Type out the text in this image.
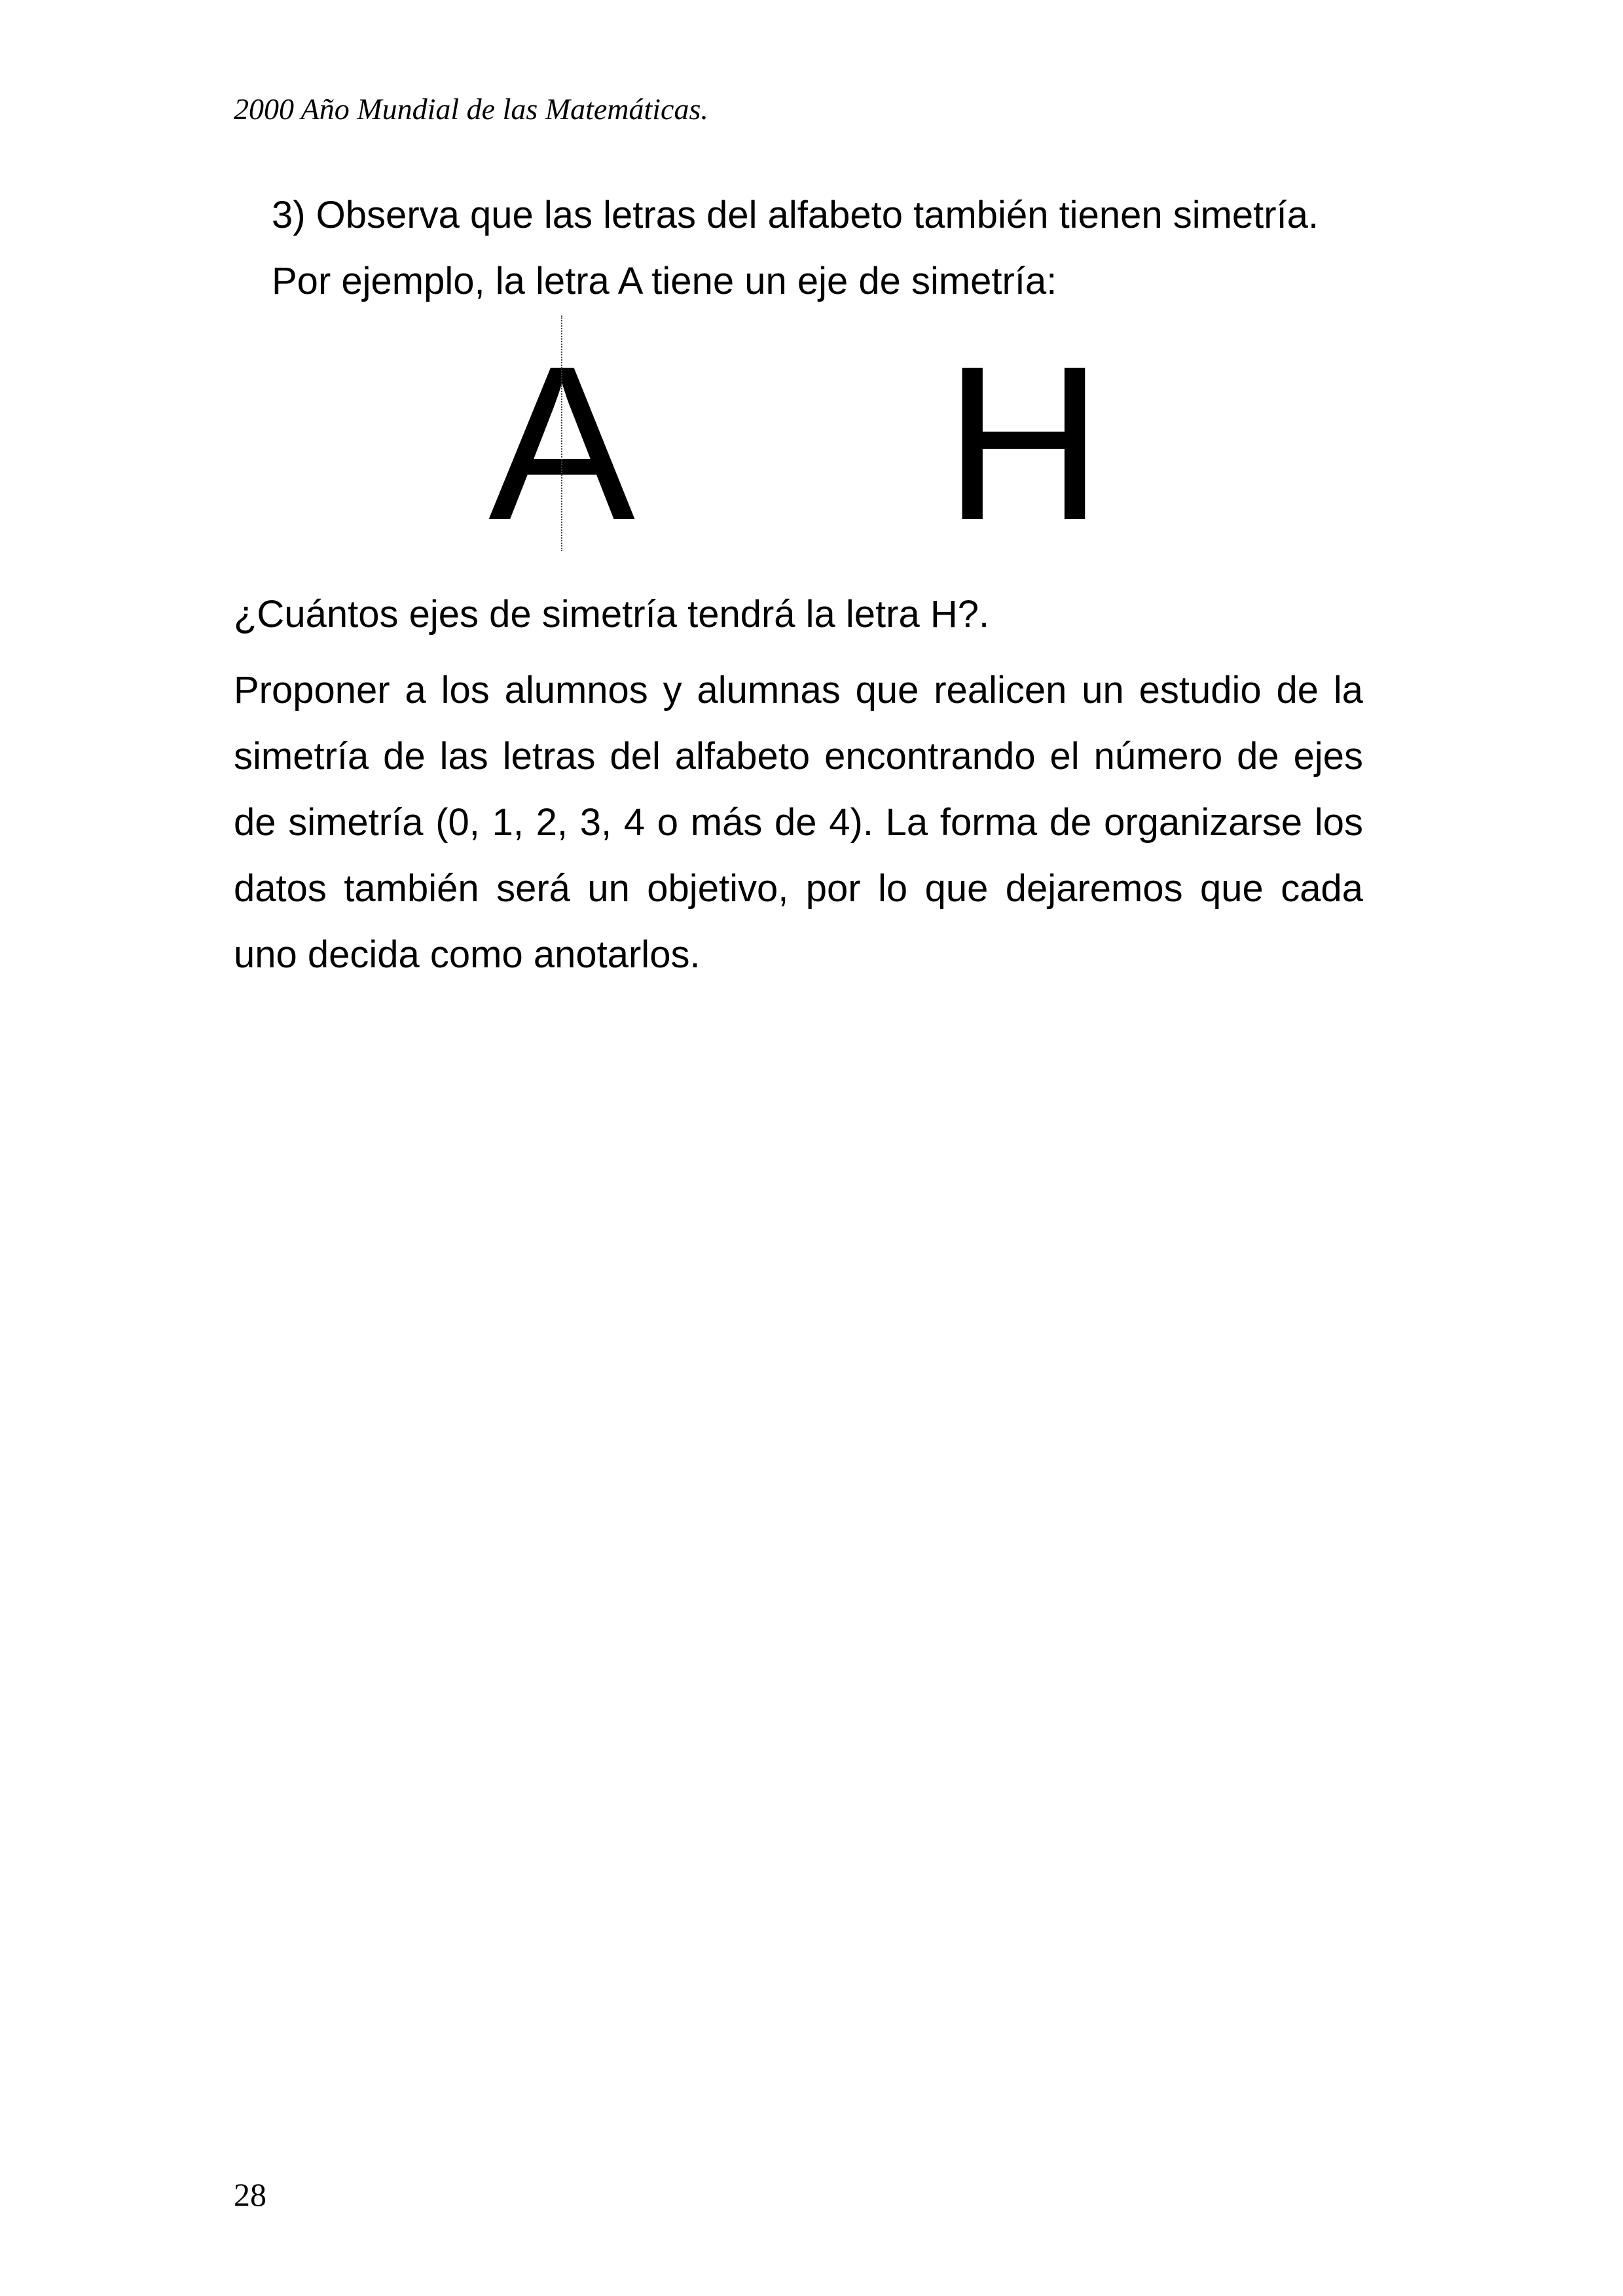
2000 Año Mundial de las Matemáticas.
3) Observa que las letras del alfabeto también tienen simetría.
Por ejemplo, la letra A tiene un eje de simetría:
A H
¿Cuántos ejes de simetría tendrá la letra H?.

Proponer a los alumnos y alumnas que realicen un estudio de la simetría de las letras del alfabeto encontrando el número de ejes de simetría (0, 1, 2, 3, 4 o más de 4). La forma de organizarse los datos también será un objetivo, por lo que dejaremos que cada uno decida como anotarlos.

28
